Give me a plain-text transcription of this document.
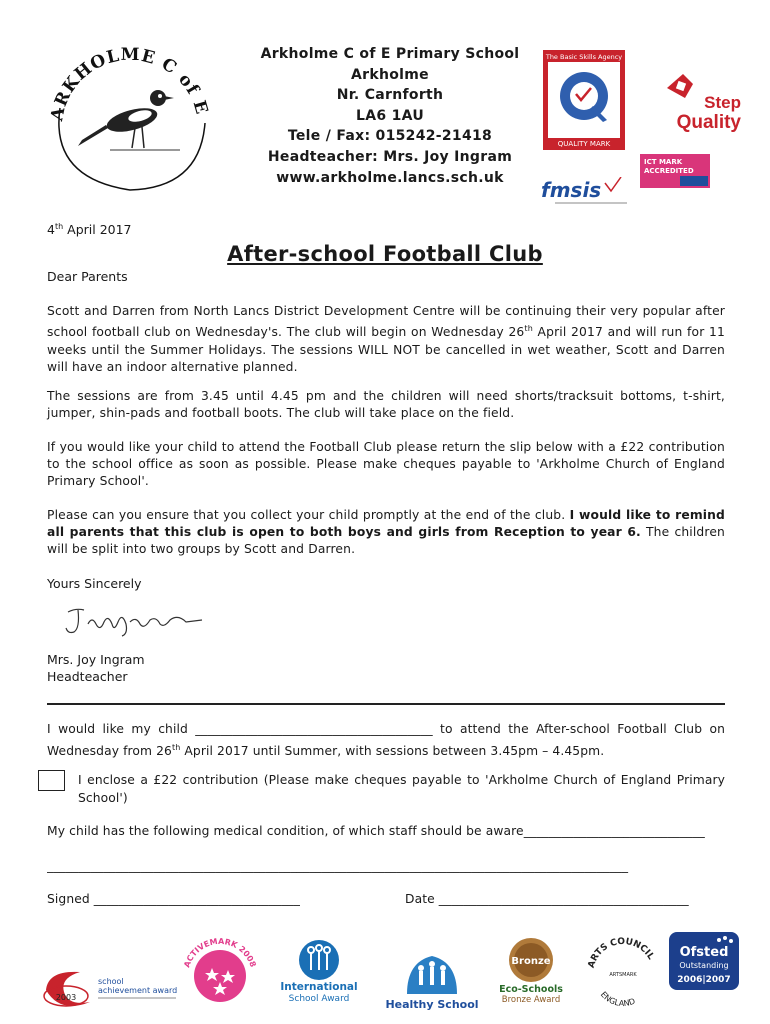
ARKHOLME C of E
Arkholme C of E Primary School
Arkholme
Nr. Carnforth
LA6 1AU
Tele / Fax: 015242-21418
Headteacher: Mrs. Joy Ingram
www.arkholme.lancs.sch.uk
The Basic Skills Agency
QUALITY MARK
Step
Quality
ICT MARK
ACCREDITED
fmsis
4th April 2017
After-school Football Club
Dear Parents
Scott and Darren from North Lancs District Development Centre will be continuing their very popular after school football club on Wednesday's. The club will begin on Wednesday 26th April 2017 and will run for 11 weeks until the Summer Holidays. The sessions WILL NOT be cancelled in wet weather, Scott and Darren will have an indoor alternative planned.
The sessions are from 3.45 until 4.45 pm and the children will need shorts/tracksuit bottoms, t-shirt, jumper, shin-pads and football boots. The club will take place on the field.
If you would like your child to attend the Football Club please return the slip below with a £22 contribution to the school office as soon as possible. Please make cheques payable to 'Arkholme Church of England Primary School'.
Please can you ensure that you collect your child promptly at the end of the club. I would like to remind all parents that this club is open to both boys and girls from Reception to year 6. The children will be split into two groups by Scott and Darren.
Yours Sincerely
Mrs. Joy Ingram
Headteacher
I would like my child ______________________________________ to attend the After-school Football Club on Wednesday from 26th April 2017 until Summer, with sessions between 3.45pm – 4.45pm.
I enclose a £22 contribution (Please make cheques payable to 'Arkholme Church of England Primary School')
My child has the following medical condition, of which staff should be aware_____________________________
_____________________________________________________________________________________________
Signed _________________________________	Date ________________________________________
2003
school
achievement award
ACTIVEMARK 2008
International
School Award	Healthy School
Bronze
Eco-Schools
Bronze Award
ARTS COUNCIL
ENGLAND
ARTSMARK
Ofsted
Outstanding
2006|2007
